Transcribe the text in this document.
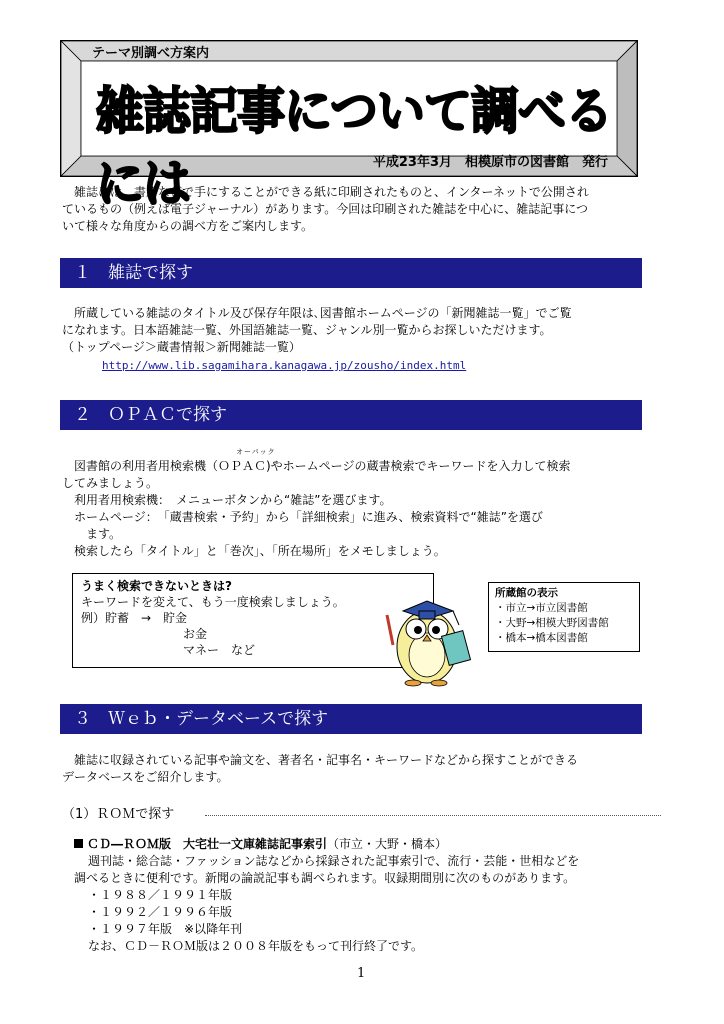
テーマ別調べ方案内
雑誌記事について調べるには	平成23年3月　相模原市の図書館　発行
雑誌には、書店などで手にすることができる紙に印刷されたものと、インターネットで公開され
ているもの（例えば電子ジャーナル）があります。今回は印刷された雑誌を中心に、雑誌記事につ
いて様々な角度からの調べ方をご案内します。
１　雑誌で探す
所蔵している雑誌のタイトル及び保存年限は､図書館ホームページの「新聞雑誌一覧」でご覧
になれます。日本語雑誌一覧、外国語雑誌一覧、ジャンル別一覧からお探しいただけます。
（トップページ＞蔵書情報＞新聞雑誌一覧）
http://www.lib.sagamihara.kanagawa.jp/zousho/index.html
２　ＯＰＡＣで探す
オーパック
図書館の利用者用検索機（ＯＰＡＣ)やホームページの蔵書検索でキーワードを入力して検索
してみましょう。
利用者用検索機：　メニューボタンから“雑誌”を選びます。
ホームページ：　「蔵書検索・予約」から「詳細検索」に進み、検索資料で“雑誌”を選び
ます。
検索したら「タイトル」と「巻次」、「所在場所」をメモしましょう。
うまく検索できないときは?
キーワードを変えて、もう一度検索しましょう。
例）貯蓄　→　貯金
お金
マネー　など
所蔵館の表示
・市立→市立図書館
・大野→相模大野図書館
・橋本→橋本図書館
３　Ｗｅｂ・データベースで探す
雑誌に収録されている記事や論文を、著者名・記事名・キーワードなどから探すことができる
データベースをご紹介します。
（1）ＲＯＭで探す
ＣＤ―ＲＯＭ版　大宅壮一文庫雑誌記事索引（市立・大野・橋本）
週刊誌・総合誌・ファッション誌などから採録された記事索引で、流行・芸能・世相などを
調べるときに便利です。新聞の論説記事も調べられます。収録期間別に次のものがあります。
・１９８８／１９９１年版
・１９９２／１９９６年版
・１９９７年版　※以降年刊
なお、ＣＤ－ＲＯＭ版は２００８年版をもって刊行終了です。
1
